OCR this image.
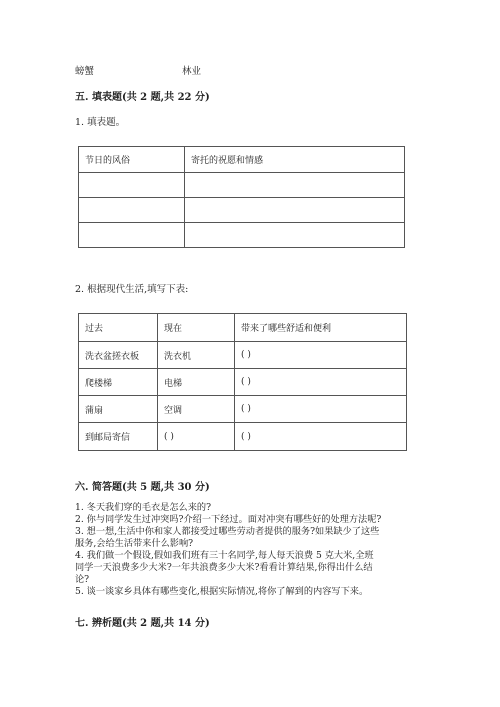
螃蟹	林业
五. 填表题(共 2 题,共 22 分)
1. 填表题。
节日的风俗	寄托的祝愿和情感

2. 根据现代生活,填写下表:
过去	现在	带来了哪些舒适和便利
洗衣盆搓衣板	洗衣机	( )
爬楼梯	电梯	( )
蒲扇	空调	( )
到邮局寄信	( )	( )
六. 简答题(共 5 题,共 30 分)
1. 冬天我们穿的毛衣是怎么来的?
2. 你与同学发生过冲突吗?介绍一下经过。面对冲突有哪些好的处理方法呢?
3. 想一想,生活中你和家人都接受过哪些劳动者提供的服务?如果缺少了这些
服务,会给生活带来什么影响?
4. 我们做一个假设,假如我们班有三十名同学,每人每天浪费 5 克大米,全班
同学一天浪费多少大米?一年共浪费多少大米?看看计算结果,你得出什么结
论?
5. 谈一谈家乡具体有哪些变化,根据实际情况,将你了解到的内容写下来。
七. 辨析题(共 2 题,共 14 分)
